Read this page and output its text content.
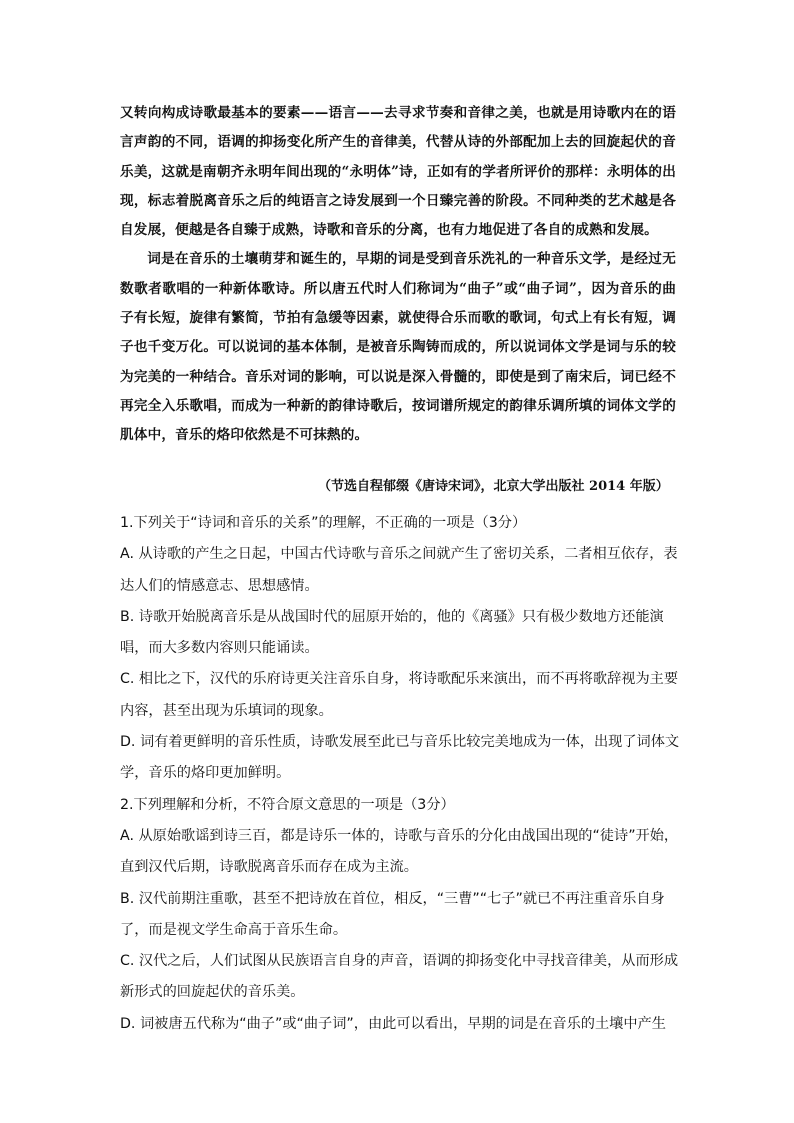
又转向构成诗歌最基本的要素——语言——去寻求节奏和音律之美，也就是用诗歌内在的语言声韵的不同，语调的抑扬变化所产生的音律美，代替从诗的外部配加上去的回旋起伏的音乐美，这就是南朝齐永明年间出现的“永明体”诗，正如有的学者所评价的那样：永明体的出现，标志着脱离音乐之后的纯语言之诗发展到一个日臻完善的阶段。不同种类的艺术越是各自发展，便越是各自臻于成熟，诗歌和音乐的分离，也有力地促进了各自的成熟和发展。

词是在音乐的土壤萌芽和诞生的，早期的词是受到音乐洗礼的一种音乐文学，是经过无数歌者歌唱的一种新体歌诗。所以唐五代时人们称词为“曲子”或“曲子词”，因为音乐的曲子有长短，旋律有繁简，节拍有急缓等因素，就使得合乐而歌的歌词，句式上有长有短，调子也千变万化。可以说词的基本体制，是被音乐陶铸而成的，所以说词体文学是词与乐的较为完美的一种结合。音乐对词的影响，可以说是深入骨髓的，即使是到了南宋后，词已经不再完全入乐歌唱，而成为一种新的韵律诗歌后，按词谱所规定的韵律乐调所填的词体文学的肌体中，音乐的烙印依然是不可抹熱的。

（节选自程郁缀《唐诗宋词》，北京大学出版社 2014 年版）

1.下列关于“诗词和音乐的关系”的理解，不正确的一项是（3分）

A. 从诗歌的产生之日起，中国古代诗歌与音乐之间就产生了密切关系，二者相互依存，表达人们的情感意志、思想感情。

B. 诗歌开始脱离音乐是从战国时代的屈原开始的，他的《离骚》只有极少数地方还能演唱，而大多数内容则只能诵读。

C. 相比之下，汉代的乐府诗更关注音乐自身，将诗歌配乐来演出，而不再将歌辞视为主要内容，甚至出现为乐填词的现象。

D. 词有着更鲜明的音乐性质，诗歌发展至此已与音乐比较完美地成为一体，出现了词体文学，音乐的烙印更加鲜明。

2.下列理解和分析，不符合原文意思的一项是（3分）

A. 从原始歌谣到诗三百，都是诗乐一体的，诗歌与音乐的分化由战国出现的“徒诗”开始，直到汉代后期，诗歌脱离音乐而存在成为主流。

B. 汉代前期注重歌，甚至不把诗放在首位，相反，“三曹”“七子”就已不再注重音乐自身了，而是视文学生命高于音乐生命。

C. 汉代之后，人们试图从民族语言自身的声音，语调的抑扬变化中寻找音律美，从而形成新形式的回旋起伏的音乐美。

D. 词被唐五代称为“曲子”或“曲子词”，由此可以看出，早期的词是在音乐的土壤中产生
